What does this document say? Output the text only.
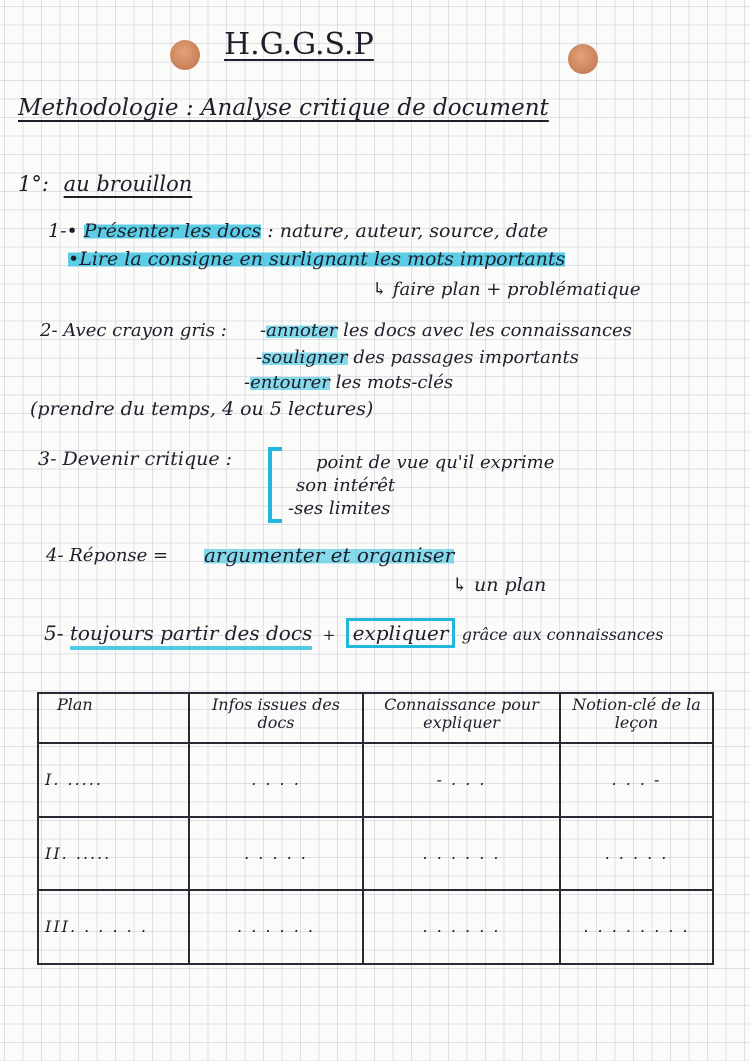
H.G.G.S.P
Methodologie : Analyse critique de document
1°: au brouillon
1-• Présenter les docs : nature, auteur, source, date
•Lire la consigne en surlignant les mots importants
↳ faire plan + problématique
2- Avec crayon gris : -annoter les docs avec les connaissances
-souligner des passages importants
-entourer les mots-clés
(prendre du temps, 4 ou 5 lectures)
3- Devenir critique :	point de vue qu'il exprime
son intérêt
-ses limites
4- Réponse = argumenter et organiser
↳ un plan
5- toujours partir des docs + expliquer grâce aux connaissances
Plan	Infos issues des docs	Connaissance pour expliquer	Notion-clé de la leçon
I. .....	. . . .	- . . .	. . . -
II. .....	. . . . .	. . . . . .	. . . . .
III. . . . . .	. . . . . .	. . . . . .	. . . . . . . .
